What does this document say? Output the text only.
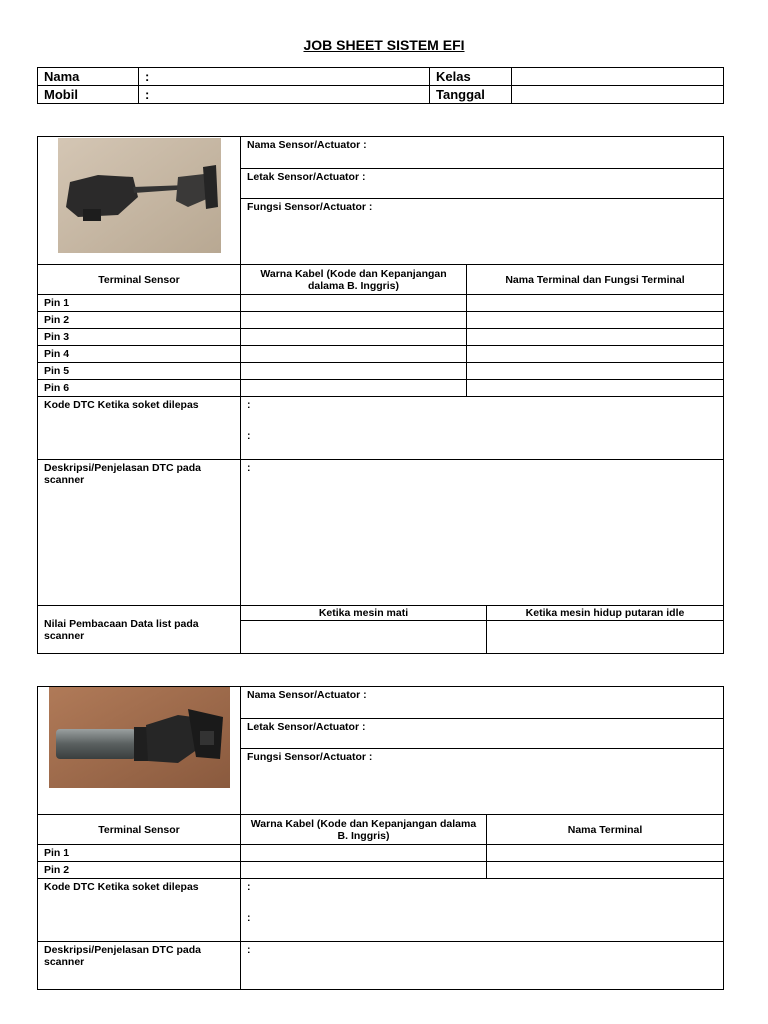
JOB SHEET SISTEM EFI
Nama	:	Kelas	
Mobil	:	Tanggal	
	Nama Sensor/Actuator :		
	Letak Sensor/Actuator :		
	Fungsi Sensor/Actuator :		
Terminal Sensor	Warna Kabel (Kode dan Kepanjangan dalama B. Inggris)	Nama Terminal dan Fungsi Terminal	
Pin 1			
Pin 2			
Pin 3			
Pin 4			
Pin 5			
Pin 6			
Kode DTC Ketika soket dilepas	:
:		

Deskripsi/Penjelasan DTC pada scanner	:		
Nilai Pembacaan Data list pada scanner	Ketika mesin mati		Ketika mesin hidup putaran idle

	Nama Sensor/Actuator :	
	Letak Sensor/Actuator :	
	Fungsi Sensor/Actuator :	
Terminal Sensor	Warna Kabel (Kode dan Kepanjangan dalama B. Inggris)	Nama Terminal
Pin 1		
Pin 2		
Kode DTC Ketika soket dilepas	:
:	

Deskripsi/Penjelasan DTC pada scanner	:	
